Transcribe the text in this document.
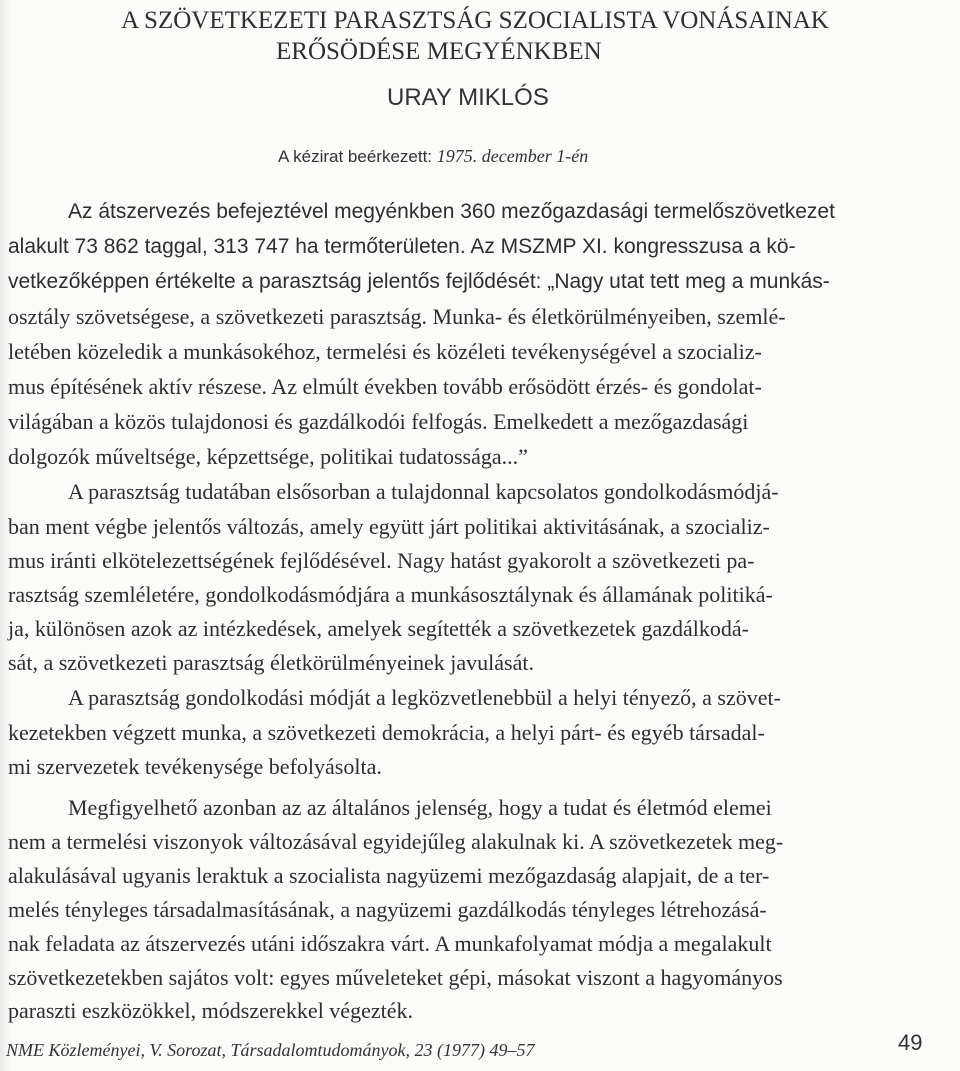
A SZÖVETKEZETI PARASZTSÁG SZOCIALISTA VONÁSAINAK
ERŐSÖDÉSE MEGYÉNKBEN
URAY MIKLÓS
A kézirat beérkezett: 1975. december 1-én
Az átszervezés befejeztével megyénkben 360 mezőgazdasági termelőszövetkezet
alakult 73 862 taggal, 313 747 ha termőterületen. Az MSZMP XI. kongresszusa a kö-
vetkezőképpen értékelte a parasztság jelentős fejlődését: „Nagy utat tett meg a munkás-
osztály szövetségese, a szövetkezeti parasztság. Munka- és életkörülményeiben, szemlé-
letében közeledik a munkásokéhoz, termelési és közéleti tevékenységével a szocializ-
mus építésének aktív részese. Az elmúlt években tovább erősödött érzés- és gondolat-
világában a közös tulajdonosi és gazdálkodói felfogás. Emelkedett a mezőgazdasági
dolgozók műveltsége, képzettsége, politikai tudatossága...”
A parasztság tudatában elsősorban a tulajdonnal kapcsolatos gondolkodásmódjá-
ban ment végbe jelentős változás, amely együtt járt politikai aktivitásának, a szocializ-
mus iránti elkötelezettségének fejlődésével. Nagy hatást gyakorolt a szövetkezeti pa-
rasztság szemléletére, gondolkodásmódjára a munkásosztálynak és államának politiká-
ja, különösen azok az intézkedések, amelyek segítették a szövetkezetek gazdálkodá-
sát, a szövetkezeti parasztság életkörülményeinek javulását.
A parasztság gondolkodási módját a legközvetlenebbül a helyi tényező, a szövet-
kezetekben végzett munka, a szövetkezeti demokrácia, a helyi párt- és egyéb társadal-
mi szervezetek tevékenysége befolyásolta.
Megfigyelhető azonban az az általános jelenség, hogy a tudat és életmód elemei
nem a termelési viszonyok változásával egyidejűleg alakulnak ki. A szövetkezetek meg-
alakulásával ugyanis leraktuk a szocialista nagyüzemi mezőgazdaság alapjait, de a ter-
melés tényleges társadalmasításának, a nagyüzemi gazdálkodás tényleges létrehozásá-
nak feladata az átszervezés utáni időszakra várt. A munkafolyamat módja a megalakult
szövetkezetekben sajátos volt: egyes műveleteket gépi, másokat viszont a hagyományos
paraszti eszközökkel, módszerekkel végezték.
NME Közleményei, V. Sorozat, Társadalomtudományok, 23 (1977) 49–57	49
